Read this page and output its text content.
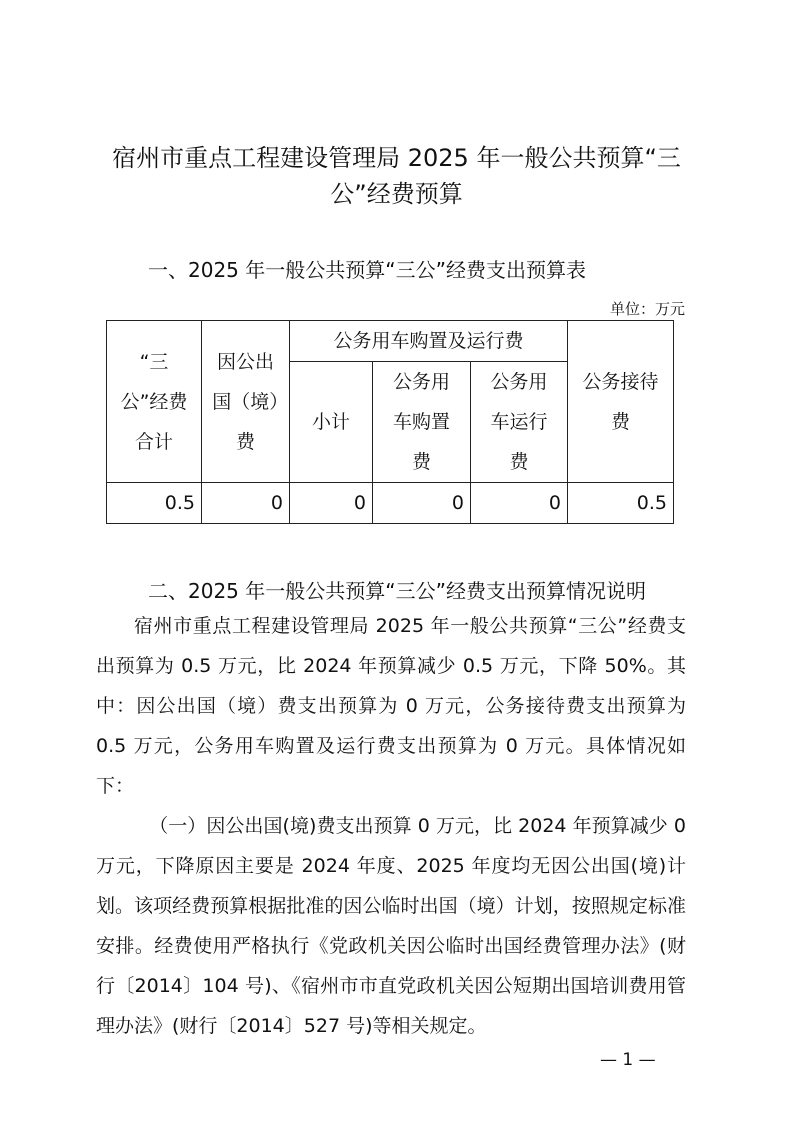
宿州市重点工程建设管理局 2025 年一般公共预算“三公”经费预算
一、2025 年一般公共预算“三公”经费支出预算表
单位：万元
“三公”经费合计	因公出国（境）费	公务用车购置及运行费			公务接待费
		小计	公务用车购置费	公务用车运行费	
0.5	0	0	0	0	0.5
二、2025 年一般公共预算“三公”经费支出预算情况说明

宿州市重点工程建设管理局 2025 年一般公共预算“三公”经费支出预算为 0.5 万元，比 2024 年预算减少 0.5 万元，下降 50%。其中：因公出国（境）费支出预算为 0 万元，公务接待费支出预算为 0.5 万元，公务用车购置及运行费支出预算为 0 万元。具体情况如下：

（一）因公出国(境)费支出预算 0 万元，比 2024 年预算减少 0 万元，下降原因主要是 2024 年度、2025 年度均无因公出国(境)计划。该项经费预算根据批准的因公临时出国（境）计划，按照规定标准安排。经费使用严格执行《党政机关因公临时出国经费管理办法》(财行〔2014〕104 号)、《宿州市市直党政机关因公短期出国培训费用管理办法》(财行〔2014〕527 号)等相关规定。

— 1 —
